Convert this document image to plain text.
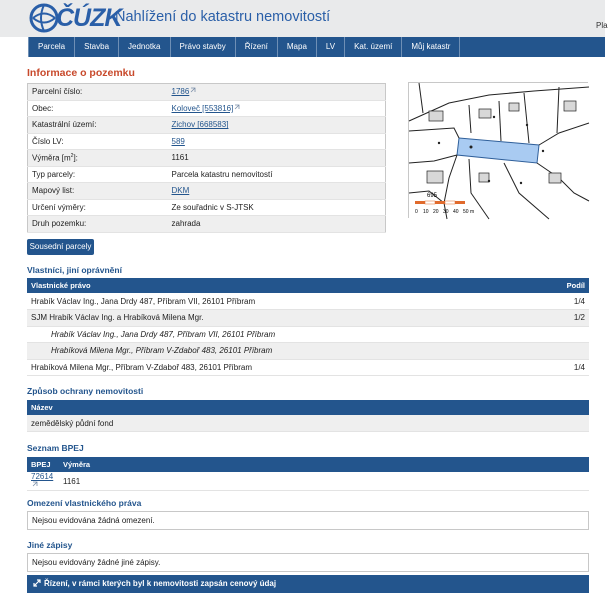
ČÚZK
Nahlížení do katastru nemovitostí
Pla
Parcela	Stavba	Jednotka	Právo stavby	Řízení	Mapa	LV	Kat. území	Můj katastr
Informace o pozemku
Parcelní číslo:	1786
Obec:	Koloveč [553816]
Katastrální území:	Zichov [668583]
Číslo LV:	589
Výměra $[m^2]$:	1161
Typ parcely:	Parcela katastru nemovitostí
Mapový list:	DKM
Určení výměry:	Ze souřadnic v S-JTSK
Druh pozemku:	zahrada
695
0 10 20 30 40 50 m
Sousední parcely
Vlastníci, jiní oprávnění
Vlastnické právo	Podíl
Hrabík Václav Ing., Jana Drdy 487, Příbram VII, 26101 Příbram	1/4
SJM Hrabík Václav Ing. a Hrabíková Milena Mgr.	1/2
Hrabík Václav Ing., Jana Drdy 487, Příbram VII, 26101 Příbram	
Hrabíková Milena Mgr., Příbram V-Zdaboř 483, 26101 Příbram	
Hrabíková Milena Mgr., Příbram V-Zdaboř 483, 26101 Příbram	1/4
Způsob ochrany nemovitosti
Název
zemědělský půdní fond
Seznam BPEJ
BPEJ	Výměra
72614	1161
Omezení vlastnického práva
Nejsou evidována žádná omezení.
Jiné zápisy
Nejsou evidovány žádné jiné zápisy.
Řízení, v rámci kterých byl k nemovitosti zapsán cenový údaj
